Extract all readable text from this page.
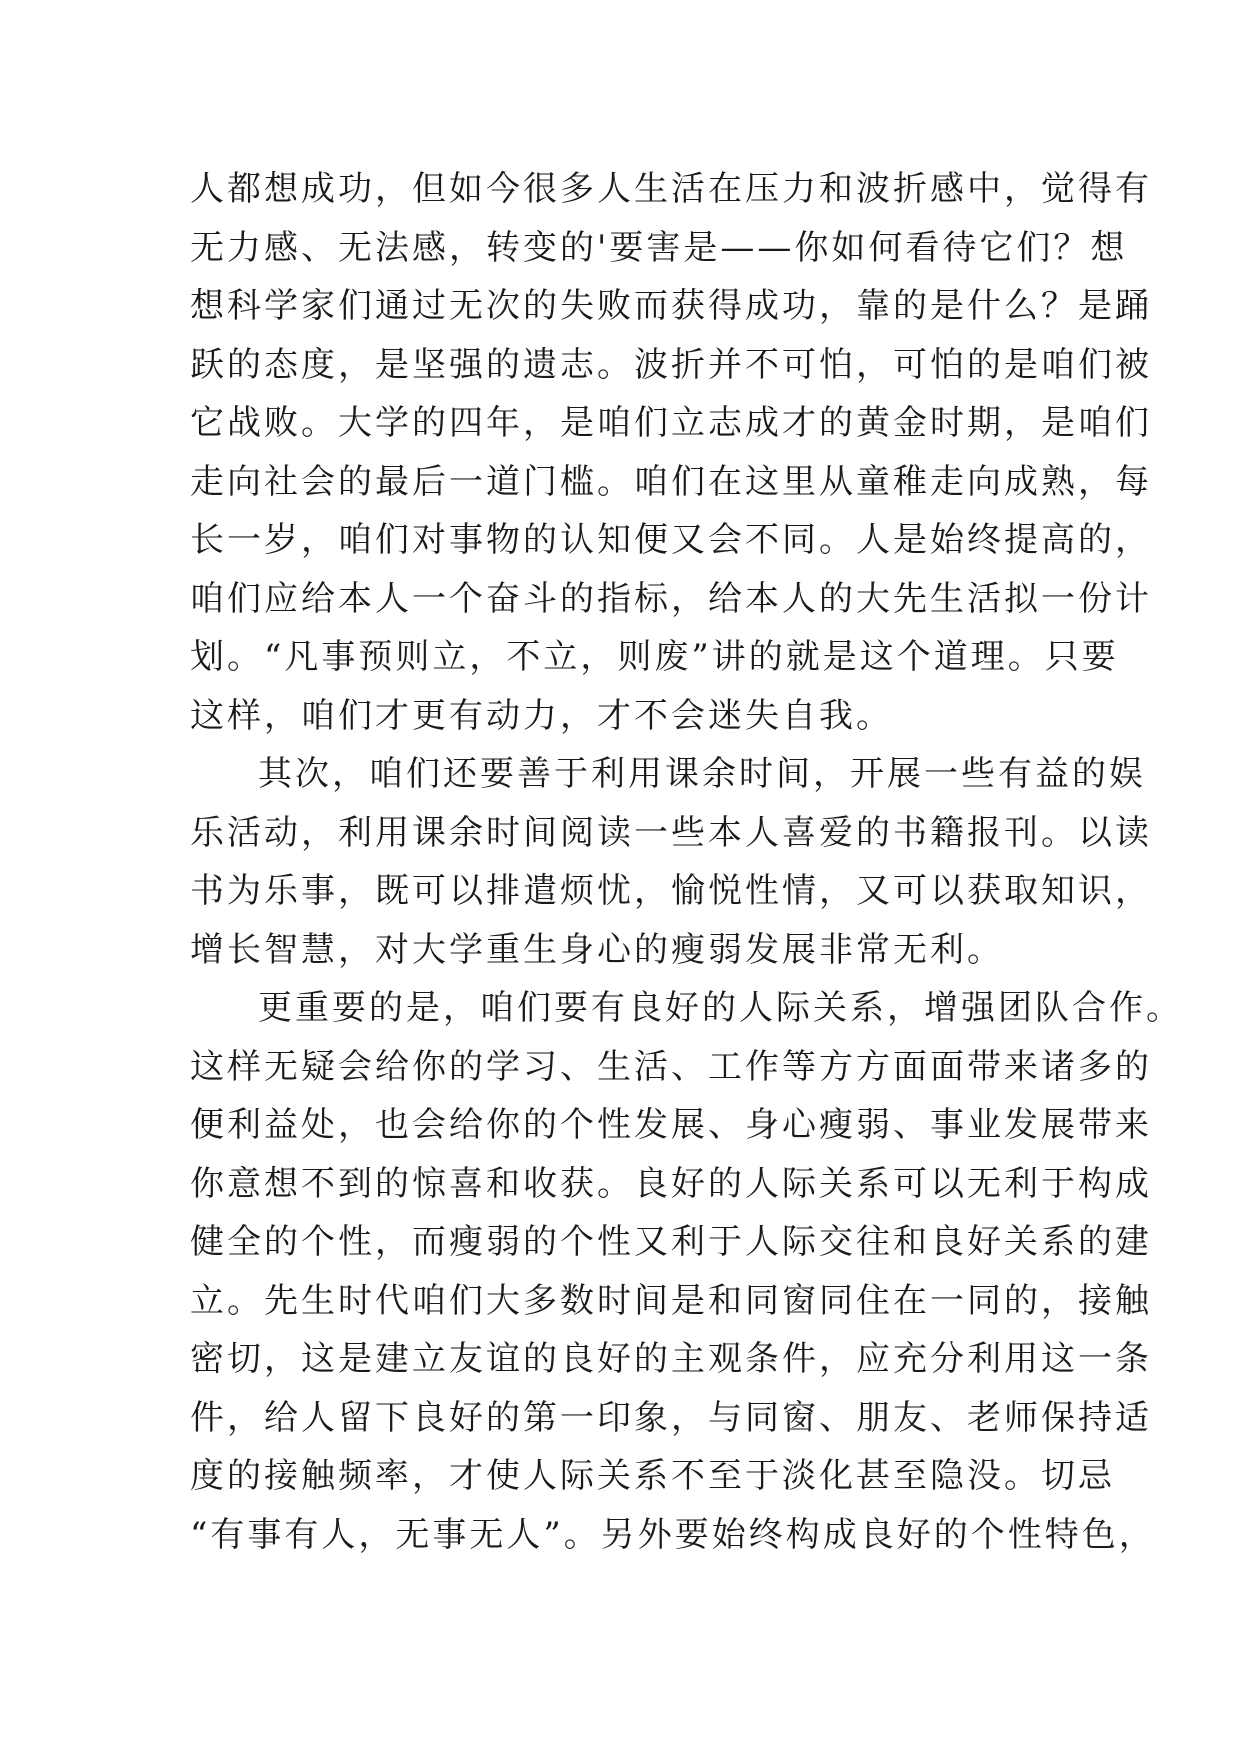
人都想成功，但如今很多人生活在压力和波折感中，觉得有
无力感、无法感，转变的'要害是——你如何看待它们？想
想科学家们通过无次的失败而获得成功，靠的是什么？是踊
跃的态度，是坚强的遗志。波折并不可怕，可怕的是咱们被
它战败。大学的四年，是咱们立志成才的黄金时期，是咱们
走向社会的最后一道门槛。咱们在这里从童稚走向成熟，每
长一岁，咱们对事物的认知便又会不同。人是始终提高的，
咱们应给本人一个奋斗的指标，给本人的大先生活拟一份计
划。“凡事预则立，不立，则废”讲的就是这个道理。只要
这样，咱们才更有动力，才不会迷失自我。

其次，咱们还要善于利用课余时间，开展一些有益的娱
乐活动，利用课余时间阅读一些本人喜爱的书籍报刊。以读
书为乐事，既可以排遣烦忧，愉悦性情，又可以获取知识，
增长智慧，对大学重生身心的瘦弱发展非常无利。

更重要的是，咱们要有良好的人际关系，增强团队合作。
这样无疑会给你的学习、生活、工作等方方面面带来诸多的
便利益处，也会给你的个性发展、身心瘦弱、事业发展带来
你意想不到的惊喜和收获。良好的人际关系可以无利于构成
健全的个性，而瘦弱的个性又利于人际交往和良好关系的建
立。先生时代咱们大多数时间是和同窗同住在一同的，接触
密切，这是建立友谊的良好的主观条件，应充分利用这一条
件，给人留下良好的第一印象，与同窗、朋友、老师保持适
度的接触频率，才使人际关系不至于淡化甚至隐没。切忌
“有事有人，无事无人”。另外要始终构成良好的个性特色，
